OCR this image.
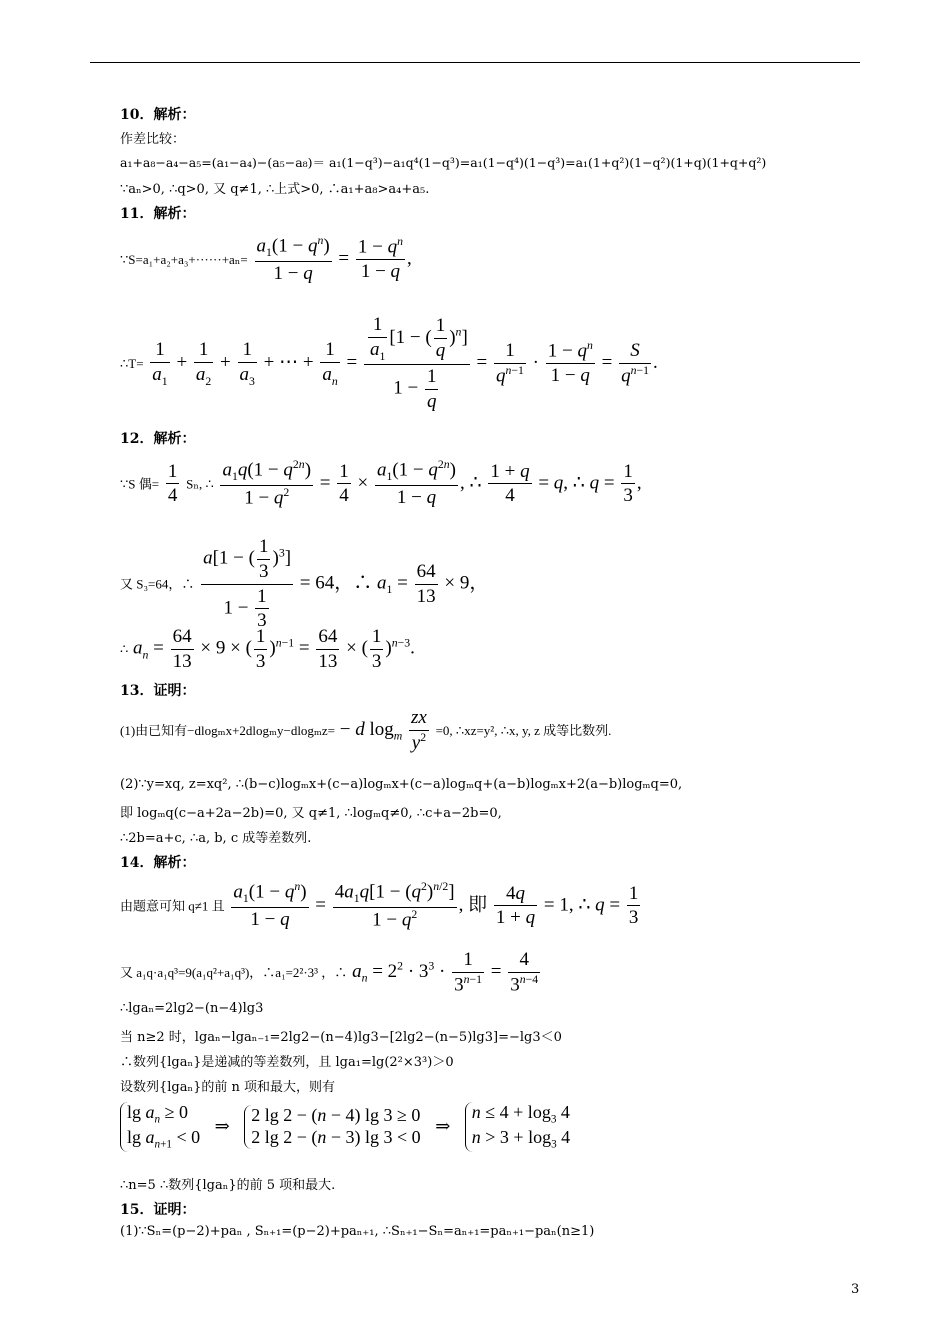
10．解析：
作差比较：
a₁+a₈−a₄−a₅=(a₁−a₄)−(a₅−a₈)＝ a₁(1−q³)−a₁q⁴(1−q³)=a₁(1−q⁴)(1−q³)=a₁(1+q²)(1−q²)(1+q)(1+q+q²)
∵aₙ>0, ∴q>0, 又 q≠1, ∴上式>0, ∴a₁+a₈>a₄+a₅.
11．解析：
∵S=a₁+a₂+a₃+······+aₙ= $\frac{a_1(1 - q^n)}{1 - q} = \frac{1 - q^n}{1 - q}$ ,
∴T= $\frac{1}{a_1} + \frac{1}{a_2} + \frac{1}{a_3}$ + ⋯ + $\frac{1}{a_n} = \frac{\frac{1}{a_1} [1 - ( \frac{1}{q} )^n]}{1 - \frac{1}{q}} = \frac{1}{q^{n-1}} \cdot \frac{1 - q^n}{1 - q} = \frac{S}{q^{n-1}}$ .
12．解析：
∵S 偶= $\frac{1}{4} S_n$, ∴ $\frac{a_1q(1 - q^{2n})}{1 - q^2} = \frac{1}{4} \times \frac{a_1(1 - q^{2n})}{1 - q}$ , ∴ $\frac{1 + q}{4} = q$, ∴ $q = \frac{1}{3}$ ,
又 S₃=64，∴ $\frac{a[1 - ( \frac{1}{3} )^3]}{1 - \frac{1}{3}} = 64$，∴ $a_1 = \frac{64}{13} \times 9$，
∴ $a_n = \frac{64}{13} \times 9$ × ( $\frac{1}{3} )^{n-1} = \frac{64}{13}$ × ( $\frac{1}{3} )^{n-3}$.
13．证明：
(1)由已知有−dlogₘx+2dlogₘy−dlogₘz= − d $\log_m \frac{zx}{y^2} =0$, ∴xz=y², ∴x, y, z 成等比数列.
(2)∵y=xq, z=xq², ∴(b−c)logₘx+(c−a)logₘx+(c−a)logₘq+(a−b)logₘx+2(a−b)logₘq=0,
即 logₘq(c−a+2a−2b)=0, 又 q≠1, ∴logₘq≠0, ∴c+a−2b=0,
∴2b=a+c, ∴a, b, c 成等差数列.
14．解析：
由题意可知 q≠1 且 $\frac{a_1(1 - q^n)}{1 - q} = \frac{4a_1q[1 - (q^2)^{n/2}]}{1 - q^2}$ , 即 $\frac{4q}{1 + q} = 1$, ∴ $q = \frac{1}{3}$
又 a₁q·a₁q³=9(a₁q²+a₁q³)，∴a₁=2²·3³ ，∴ $a_n = 2^2 \cdot 3^3 \cdot \frac{1}{3^{n-1}} = \frac{4}{3^{n-4}}$
∴lgaₙ=2lg2−(n−4)lg3
当 n≥2 时，lgaₙ−lgaₙ₋₁=2lg2−(n−4)lg3−[2lg2−(n−5)lg3]=−lg3＜0
∴数列{lgaₙ}是递减的等差数列，且 lga₁=lg(2²×3³)＞0
设数列{lgaₙ}的前 n 项和最大，则有
$\lg a_n \ge 0$
$\lg a_{n+1} < 0$ ⇒ 2 lg 2 − (n − 4) lg 3 ≥ 0
2 lg 2 − (n − 3) lg 3 < 0 ⇒ $n \le 4 + \log_3 4$
$n > 3 + \log_3 4$
∴n=5 ∴数列{lgaₙ}的前 5 项和最大.
15．证明：
(1)∵Sₙ=(p−2)+paₙ , Sₙ₊₁=(p−2)+paₙ₊₁, ∴Sₙ₊₁−Sₙ=aₙ₊₁=paₙ₊₁−paₙ(n≥1)
3
